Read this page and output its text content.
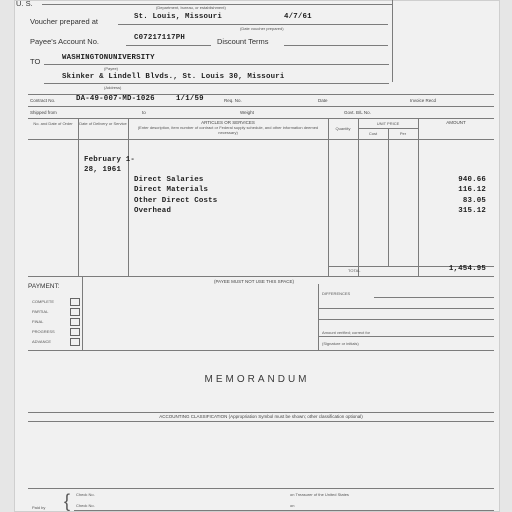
U. S.	(Department, bureau, or establishment)
Voucher prepared at	St. Louis, Missouri	4/7/61
(Date voucher prepared)
Payee's Account No.	C07217117PH	Discount Terms
TO	WASHINGTONUNIVERSITY
(Payee)
Skinker & Lindell Blvds., St. Louis 30, Missouri
(Address)
Contract No.	DA-49-007-MD-1026	1/1/59	Req. No.	Date	Invoice Recd
Shipped from	to	Weight	Govt. B/L No.
No. and Date of Order	Date of Delivery or Service	ARTICLES OR SERVICES
(Enter description, item number of contract or Federal supply schedule, and other information deemed necessary)
Quantity
UNIT PRICE
Cost	Per
AMOUNT
February 1-
28, 1961
Direct Salaries	940.66
Direct Materials	116.12
Other Direct Costs	83.05
Overhead	315.12
TOTAL	1,454.95
PAYMENT:
(PAYEE MUST NOT USE THIS SPACE)
DIFFERENCES
Amount verified; correct for
(Signature or initials)
COMPLETE
PARTIAL
FINAL
PROGRESS
ADVANCE
MEMORANDUM
ACCOUNTING CLASSIFICATION (Appropriation Symbol must be shown; other classification optional)
Paid by { Check No.	on Treasurer of the United States
Check No.	on
